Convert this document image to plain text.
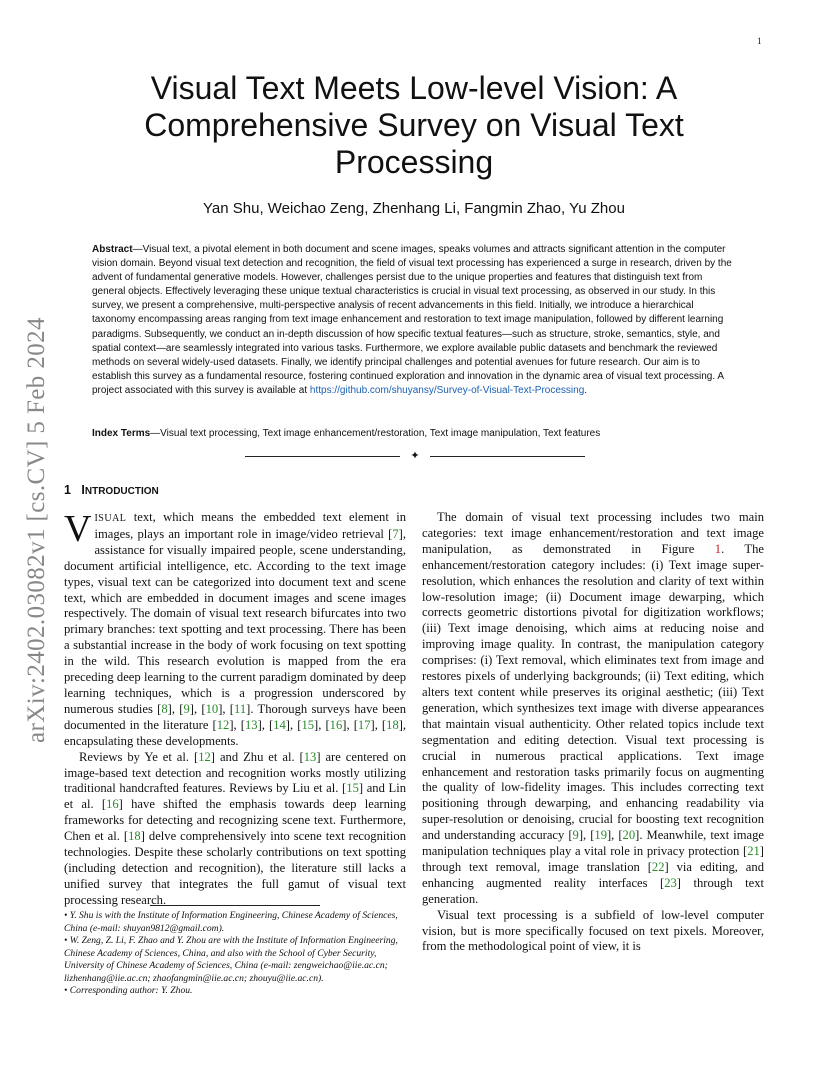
1
arXiv:2402.03082v1 [cs.CV] 5 Feb 2024
Visual Text Meets Low-level Vision: A Comprehensive Survey on Visual Text Processing
Yan Shu, Weichao Zeng, Zhenhang Li, Fangmin Zhao, Yu Zhou

Abstract—Visual text, a pivotal element in both document and scene images, speaks volumes and attracts significant attention in the computer vision domain. Beyond visual text detection and recognition, the field of visual text processing has experienced a surge in research, driven by the advent of fundamental generative models. However, challenges persist due to the unique properties and features that distinguish text from general objects. Effectively leveraging these unique textual characteristics is crucial in visual text processing, as observed in our study. In this survey, we present a comprehensive, multi-perspective analysis of recent advancements in this field. Initially, we introduce a hierarchical taxonomy encompassing areas ranging from text image enhancement and restoration to text image manipulation, followed by different learning paradigms. Subsequently, we conduct an in-depth discussion of how specific textual features—such as structure, stroke, semantics, style, and spatial context—are seamlessly integrated into various tasks. Furthermore, we explore available public datasets and benchmark the reviewed methods on several widely-used datasets. Finally, we identify principal challenges and potential avenues for future research. Our aim is to establish this survey as a fundamental resource, fostering continued exploration and innovation in the dynamic area of visual text processing. A project associated with this survey is available at https://github.com/shuyansy/Survey-of-Visual-Text-Processing.

Index Terms—Visual text processing, Text image enhancement/restoration, Text image manipulation, Text features

✦
1 INTRODUCTION

VISUAL text, which means the embedded text element in images, plays an important role in image/video retrieval [7], assistance for visually impaired people, scene understanding, document artificial intelligence, etc. According to the text image types, visual text can be categorized into document text and scene text, which are embedded in document images and scene images respectively. The domain of visual text research bifurcates into two primary branches: text spotting and text processing. There has been a substantial increase in the body of work focusing on text spotting in the wild. This research evolution is mapped from the era preceding deep learning to the current paradigm dominated by deep learning techniques, which is a progression underscored by numerous studies [8], [9], [10], [11]. Thorough surveys have been documented in the literature [12], [13], [14], [15], [16], [17], [18], encapsulating these developments.

Reviews by Ye et al. [12] and Zhu et al. [13] are centered on image-based text detection and recognition works mostly utilizing traditional handcrafted features. Reviews by Liu et al. [15] and Lin et al. [16] have shifted the emphasis towards deep learning frameworks for detecting and recognizing scene text. Furthermore, Chen et al. [18] delve comprehensively into scene text recognition technologies. Despite these scholarly contributions on text spotting (including detection and recognition), the literature still lacks a unified survey that integrates the full gamut of visual text processing research.

• Y. Shu is with the Institute of Information Engineering, Chinese Academy of Sciences, China (e-mail: shuyan9812@gmail.com).

• W. Zeng, Z. Li, F. Zhao and Y. Zhou are with the Institute of Information Engineering, Chinese Academy of Sciences, China, and also with the School of Cyber Security, University of Chinese Academy of Sciences, China (e-mail: zengweichao@iie.ac.cn; lizhenhang@iie.ac.cn; zhaofangmin@iie.ac.cn; zhouyu@iie.ac.cn).

• Corresponding author: Y. Zhou.

The domain of visual text processing includes two main categories: text image enhancement/restoration and text image manipulation, as demonstrated in Figure 1. The enhancement/restoration category includes: (i) Text image super-resolution, which enhances the resolution and clarity of text within low-resolution image; (ii) Document image dewarping, which corrects geometric distortions pivotal for digitization workflows; (iii) Text image denoising, which aims at reducing noise and improving image quality. In contrast, the manipulation category comprises: (i) Text removal, which eliminates text from image and restores pixels of underlying backgrounds; (ii) Text editing, which alters text content while preserves its original aesthetic; (iii) Text generation, which synthesizes text image with diverse appearances that maintain visual authenticity. Other related topics include text segmentation and editing detection. Visual text processing is crucial in numerous practical applications. Text image enhancement and restoration tasks primarily focus on augmenting the quality of low-fidelity images. This includes correcting text positioning through dewarping, and enhancing readability via super-resolution or denoising, crucial for boosting text recognition and understanding accuracy [9], [19], [20]. Meanwhile, text image manipulation techniques play a vital role in privacy protection [21] through text removal, image translation [22] via editing, and enhancing augmented reality interfaces [23] through text generation.

Visual text processing is a subfield of low-level computer vision, but is more specifically focused on text pixels. Moreover, from the methodological point of view, it is
